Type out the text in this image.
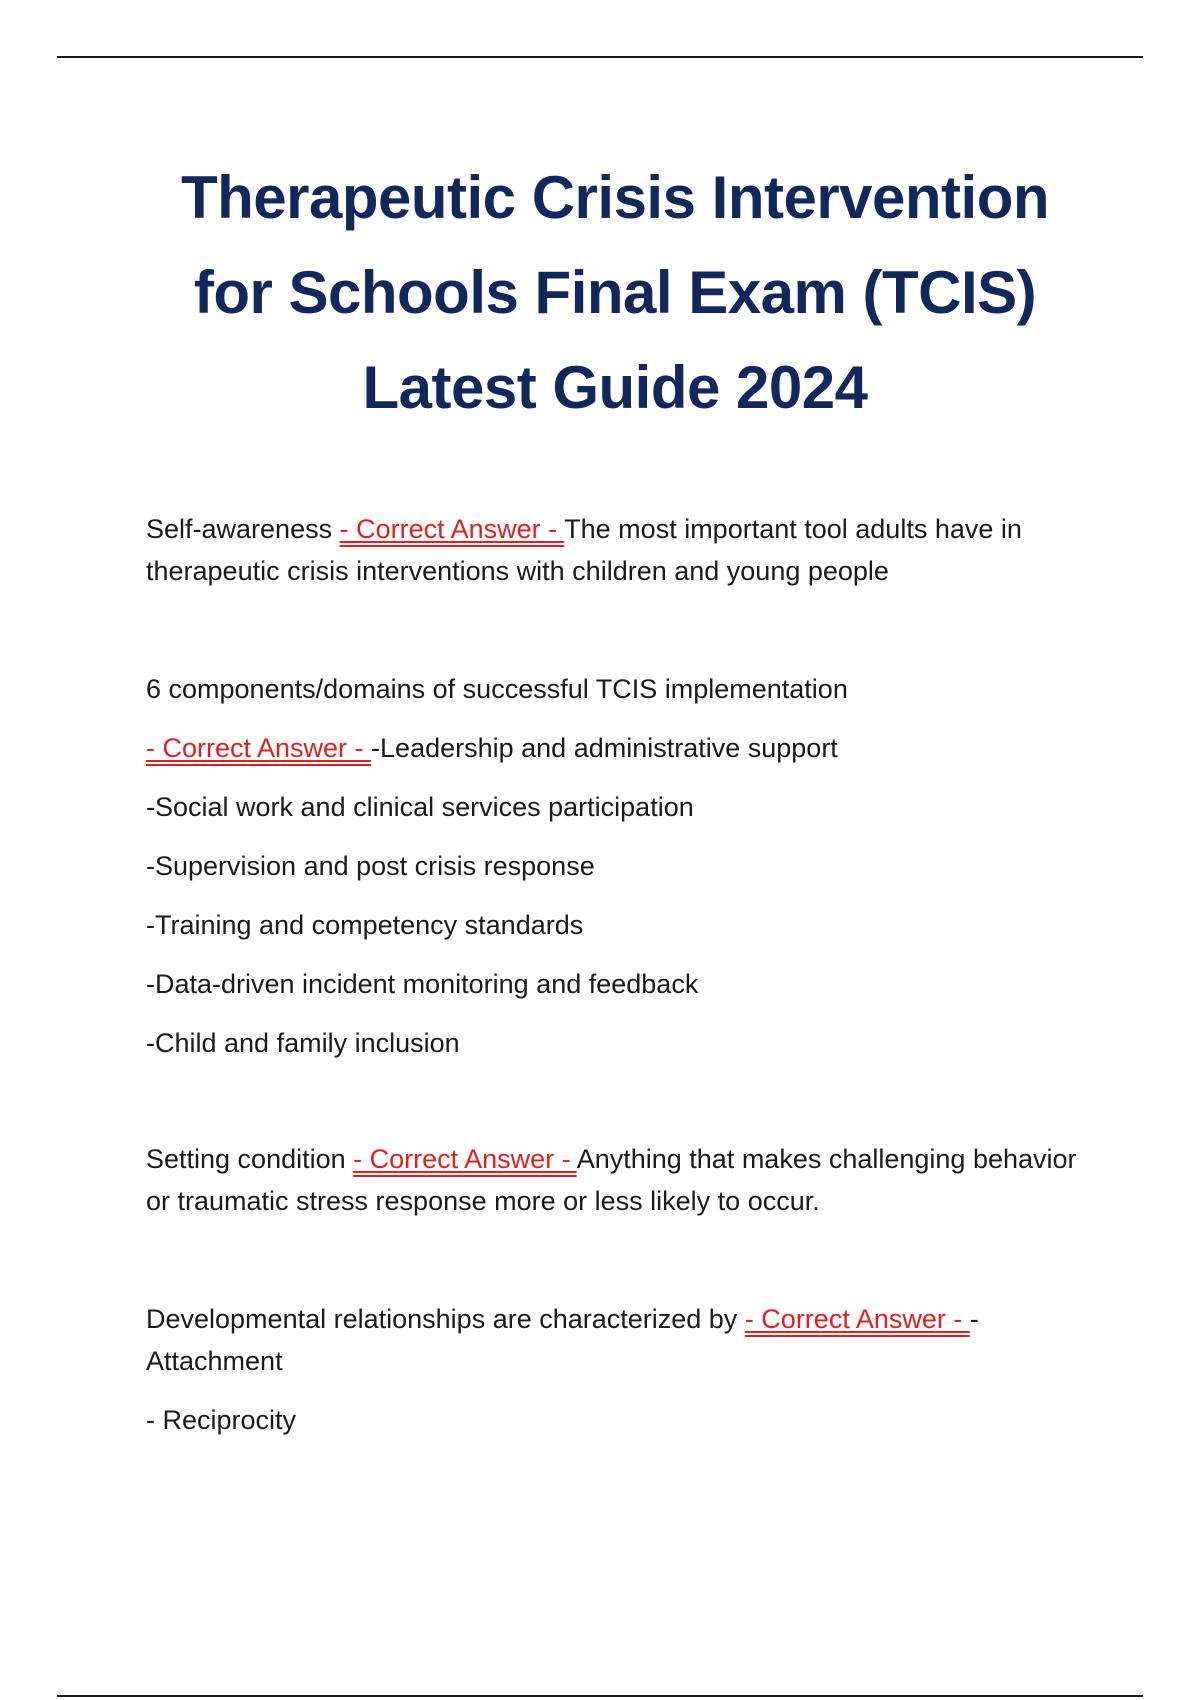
Therapeutic Crisis Intervention
for Schools Final Exam (TCIS)
Latest Guide 2024

Self-awareness - Correct Answer - The most important tool adults have in therapeutic crisis interventions with children and young people

6 components/domains of successful TCIS implementation

- Correct Answer - -Leadership and administrative support

-Social work and clinical services participation

-Supervision and post crisis response

-Training and competency standards

-Data-driven incident monitoring and feedback

-Child and family inclusion

Setting condition - Correct Answer - Anything that makes challenging behavior or traumatic stress response more or less likely to occur.

Developmental relationships are characterized by - Correct Answer - -Attachment

- Reciprocity
